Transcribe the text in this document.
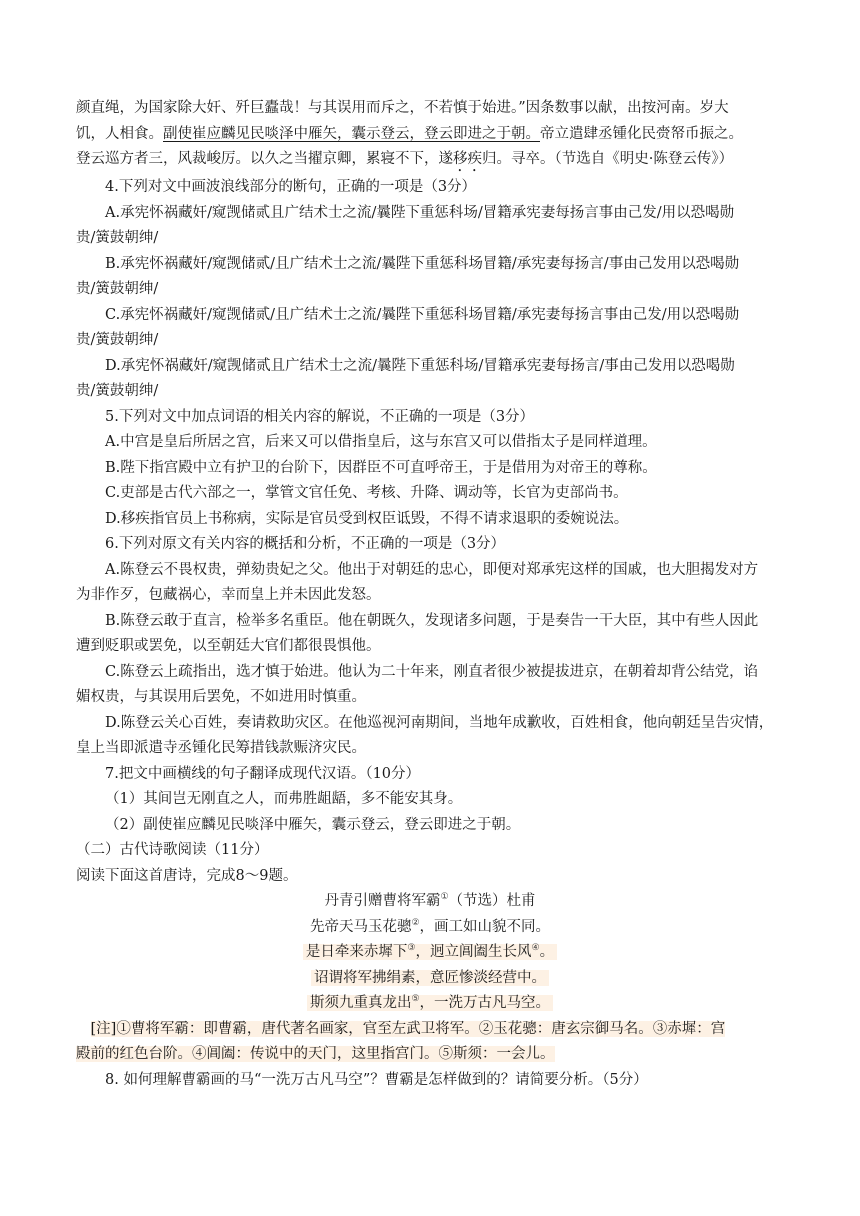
颜直绳，为国家除大奸、歼巨蠹哉！与其误用而斥之，不若慎于始进。”因条数事以献，出按河南。岁大
饥，人相食。副使崔应麟见民啖泽中雁矢，囊示登云，登云即进之于朝。帝立遣肆丞锺化民赍帑币振之。
登云巡方者三，风裁峻厉。以久之当擢京卿，累寝不下，遂移疾归。寻卒。（节选自《明史·陈登云传》）

4.下列对文中画波浪线部分的断句，正确的一项是（3分）

A.承宪怀祸藏奸/窥觊储贰且广结术士之流/曩陛下重惩科场/冒籍承宪妻每扬言事由己发/用以恐喝勋

贵/簧鼓朝绅/

B.承宪怀祸藏奸/窥觊储贰/且广结术士之流/曩陛下重惩科场冒籍/承宪妻每扬言/事由己发用以恐喝勋

贵/簧鼓朝绅/

C.承宪怀祸藏奸/窥觊储贰/且广结术士之流/曩陛下重惩科场冒籍/承宪妻每扬言事由己发/用以恐喝勋

贵/簧鼓朝绅/

D.承宪怀祸藏奸/窥觊储贰且广结术士之流/曩陛下重惩科场/冒籍承宪妻每扬言/事由己发用以恐喝勋

贵/簧鼓朝绅/

5.下列对文中加点词语的相关内容的解说，不正确的一项是（3分）

A.中宫是皇后所居之宫，后来又可以借指皇后，这与东宫又可以借指太子是同样道理。

B.陛下指宫殿中立有护卫的台阶下，因群臣不可直呼帝王，于是借用为对帝王的尊称。

C.吏部是古代六部之一，掌管文官任免、考核、升降、调动等，长官为吏部尚书。

D.移疾指官员上书称病，实际是官员受到权臣诋毁，不得不请求退职的委婉说法。

6.下列对原文有关内容的概括和分析，不正确的一项是（3分）

A.陈登云不畏权贵，弹劾贵妃之父。他出于对朝廷的忠心，即便对郑承宪这样的国戚，也大胆揭发对方

为非作歹，包藏祸心，幸而皇上并未因此发怒。

B.陈登云敢于直言，检举多名重臣。他在朝既久，发现诸多问题，于是奏告一干大臣，其中有些人因此

遭到贬职或罢免，以至朝廷大官们都很畏惧他。

C.陈登云上疏指出，选才慎于始进。他认为二十年来，刚直者很少被提拔进京，在朝着却背公结党，谄

媚权贵，与其误用后罢免，不如进用时慎重。

D.陈登云关心百姓，奏请救助灾区。在他巡视河南期间，当地年成歉收，百姓相食，他向朝廷呈告灾情，

皇上当即派遣寺丞锺化民筹措钱款赈济灾民。

7.把文中画横线的句子翻译成现代汉语。（10分）

（1）其间岂无刚直之人，而弗胜龃龉，多不能安其身。

（2）副使崔应麟见民啖泽中雁矢，囊示登云，登云即进之于朝。

（二）古代诗歌阅读（11分）

阅读下面这首唐诗，完成8～9题。

丹青引赠曹将军霸①（节选）杜甫

先帝天马玉花骢②，画工如山貌不同。

是日牵来赤墀下③，迥立阊阖生长风④。

诏谓将军拂绢素，意匠惨淡经营中。

斯须九重真龙出⑤，一洗万古凡马空。

[注]①曹将军霸：即曹霸，唐代著名画家，官至左武卫将军。②玉花骢：唐玄宗御马名。③赤墀：宫

殿前的红色台阶。④阊阖：传说中的天门，这里指宫门。⑤斯须：一会儿。

8. 如何理解曹霸画的马“一洗万古凡马空”？曹霸是怎样做到的？请简要分析。（5分）
